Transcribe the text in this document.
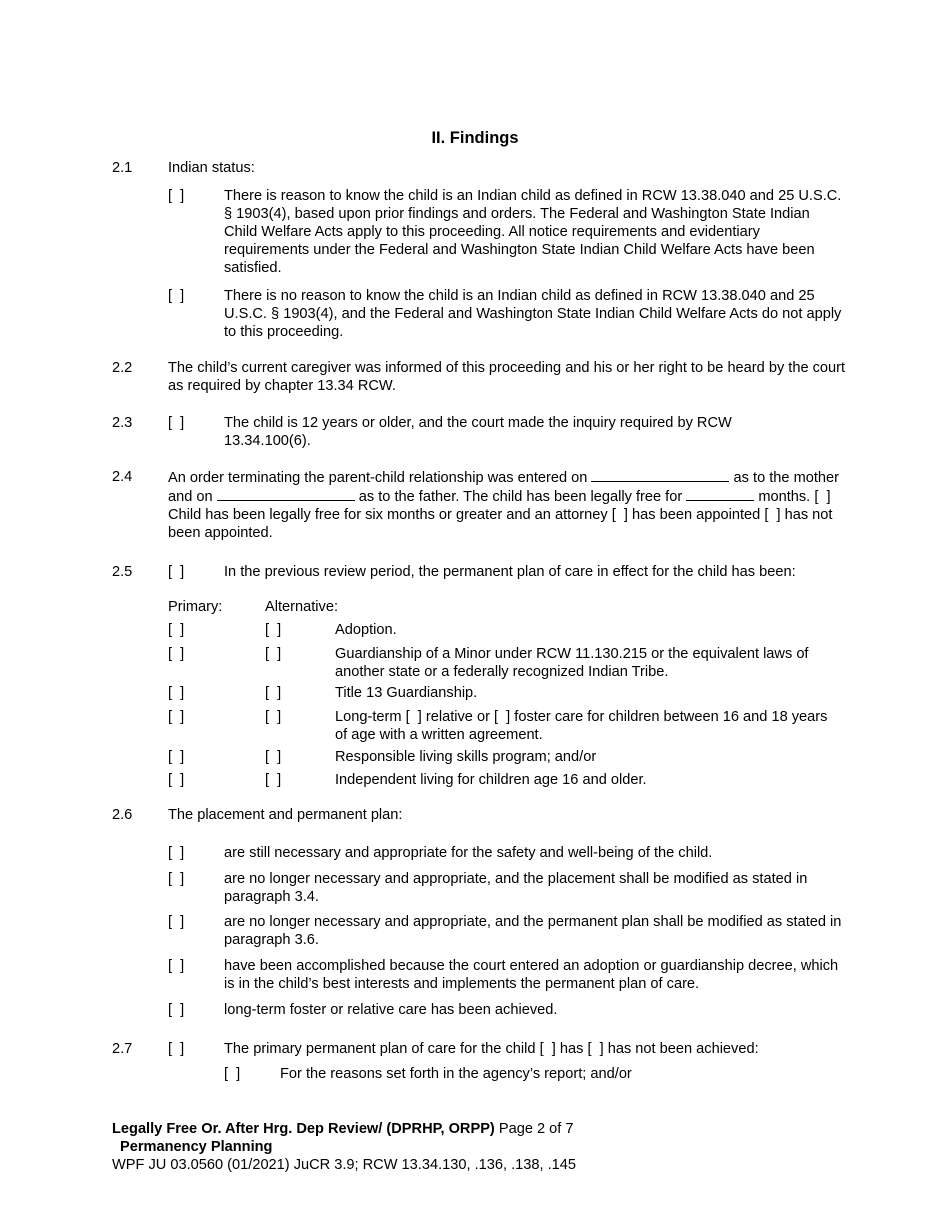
II. Findings
2.1 Indian status:
[  ]	There is reason to know the child is an Indian child as defined in RCW 13.38.040 and 25 U.S.C. § 1903(4), based upon prior findings and orders. The Federal and Washington State Indian Child Welfare Acts apply to this proceeding. All notice requirements and evidentiary requirements under the Federal and Washington State Indian Child Welfare Acts have been satisfied.
[  ]	There is no reason to know the child is an Indian child as defined in RCW 13.38.040 and 25 U.S.C. § 1903(4), and the Federal and Washington State Indian Child Welfare Acts do not apply to this proceeding.
2.2 The child’s current caregiver was informed of this proceeding and his or her right to be heard by the court as required by chapter 13.34 RCW.
2.3 [  ]	The child is 12 years or older, and the court made the inquiry required by RCW 13.34.100(6).
2.4 An order terminating the parent-child relationship was entered on	as to the mother and on	as to the father. The child has been legally free for	months. [  ] Child has been legally free for six months or greater and an attorney [  ] has been appointed [  ] has not been appointed.
2.5 [  ]	In the previous review period, the permanent plan of care in effect for the child has been:
Primary:	Alternative:
[  ]	[  ]	Adoption.
[  ]	[  ]	Guardianship of a Minor under RCW 11.130.215 or the equivalent laws of another state or a federally recognized Indian Tribe.
[  ]	[  ]	Title 13 Guardianship.
[  ]	[  ]	Long-term [  ] relative or [  ] foster care for children between 16 and 18 years of age with a written agreement.
[  ]	[  ]	Responsible living skills program; and/or
[  ]	[  ]	Independent living for children age 16 and older.
2.6 The placement and permanent plan:
[  ]	are still necessary and appropriate for the safety and well-being of the child.
[  ]	are no longer necessary and appropriate, and the placement shall be modified as stated in paragraph 3.4.
[  ]	are no longer necessary and appropriate, and the permanent plan shall be modified as stated in paragraph 3.6.
[  ]	have been accomplished because the court entered an adoption or guardianship decree, which is in the child’s best interests and implements the permanent plan of care.
[  ]	long-term foster or relative care has been achieved.
2.7 [  ]	The primary permanent plan of care for the child [  ] has [  ] has not been achieved:
[  ]	For the reasons set forth in the agency’s report; and/or
Legally Free Or. After Hrg. Dep Review/ (DPRHP, ORPP) Page 2 of 7
Permanency Planning
WPF JU 03.0560 (01/2021) JuCR 3.9; RCW 13.34.130, .136, .138, .145
